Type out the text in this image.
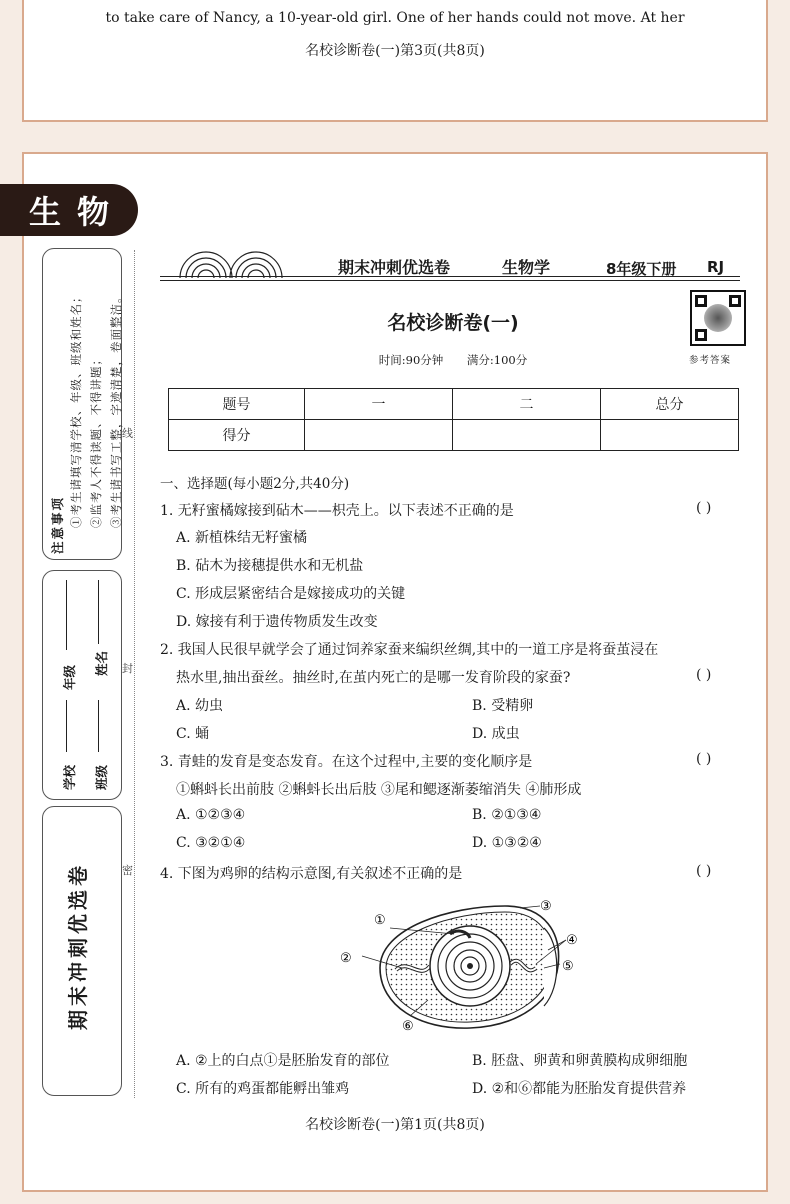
to take care of Nancy, a 10-year-old girl. One of her hands could not move. At her
名校诊断卷(一)第3页(共8页)
生物
注意事项 ①考生请填写清学校、年级、班级和姓名； ②监考人不得读题、不得讲题； ③考生请书写工整，字迹清楚，卷面整洁。
年级
学校
姓名
班级
期末冲刺优选卷
线
封
密
期末冲刺优选卷	生物学	8年级下册 RJ
参考答案
名校诊断卷(一)
时间:90分钟 满分:100分
题号	一	二	总分
得分			
一、选择题(每小题2分,共40分)
1. 无籽蜜橘嫁接到砧木——枳壳上。以下表述不正确的是	( )
A. 新植株结无籽蜜橘
B. 砧木为接穗提供水和无机盐
C. 形成层紧密结合是嫁接成功的关键
D. 嫁接有利于遗传物质发生改变
2. 我国人民很早就学会了通过饲养家蚕来编织丝绸,其中的一道工序是将蚕茧浸在
热水里,抽出蚕丝。抽丝时,在茧内死亡的是哪一发育阶段的家蚕?	( )
A. 幼虫	B. 受精卵
C. 蛹	D. 成虫
3. 青蛙的发育是变态发育。在这个过程中,主要的变化顺序是	( )
①蝌蚪长出前肢 ②蝌蚪长出后肢 ③尾和鳃逐渐萎缩消失 ④肺形成
A. ①②③④	B. ②①③④
C. ③②①④	D. ①③②④
4. 下图为鸡卵的结构示意图,有关叙述不正确的是	( )
①
②
③
④
⑤
⑥
A. ②上的白点①是胚胎发育的部位	B. 胚盘、卵黄和卵黄膜构成卵细胞
C. 所有的鸡蛋都能孵出雏鸡	D. ②和⑥都能为胚胎发育提供营养
名校诊断卷(一)第1页(共8页)
